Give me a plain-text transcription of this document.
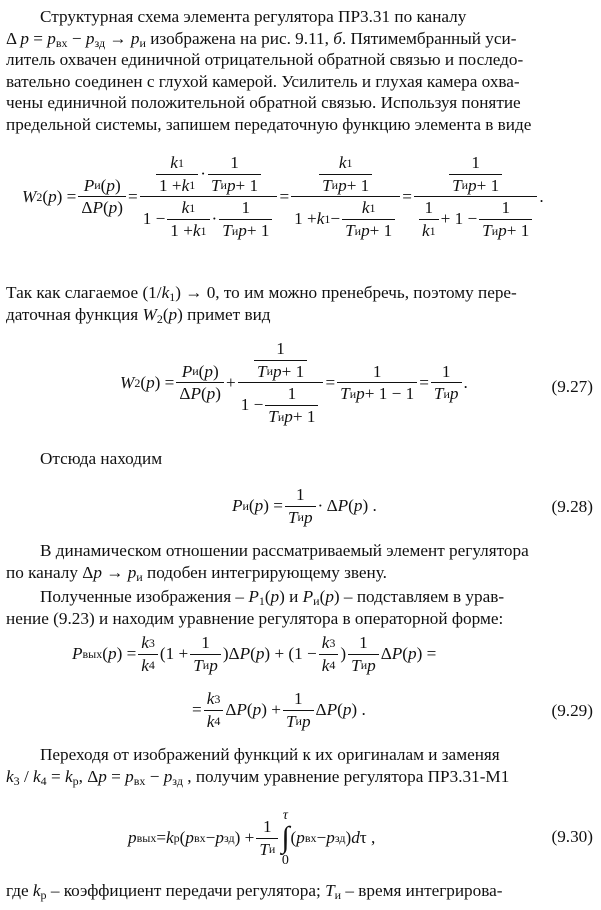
Структурная схема элемента регулятора ПР3.31 по каналу
Δ $p = p_{вх} - p_{зд} \to p_и$ изображена на рис. 9.11, б. Пятимембранный уси-
литель охвачен единичной отрицательной обратной связью и последо-
вательно соединен с глухой камерой. Усилитель и глухая камера охва-
чены единичной положительной обратной связью. Используя понятие
предельной системы, запишем передаточную функцию элемента в виде
W 2 ( p ) =
P и ( p )
Δ P ( p )
=
k 1
1 + k 1
·
1
T и p + 1
1 −
k 1
1 + k 1
·
1
T и p + 1
=
k 1
T и p + 1
1 + k 1 −
k 1
T и p + 1
=
1
T и p + 1
1
k 1
+ 1 −
1
T и p + 1
.
Так как слагаемое $(1/k_1) \to 0$, то им можно пренебречь, поэтому пере-
даточная функция $W_2(p)$ примет вид
W 2 ( p ) =
P и ( p )
Δ P ( p )
+
1
T и p + 1
1 −
1
T и p + 1
=
1
T и p + 1 − 1
=
1
T и p
.	(9.27)
Отсюда находим
P и ( p ) =
1
T и p
· Δ P ( p ) .	(9.28)
В динамическом отношении рассматриваемый элемент регулятора
по каналу $\Delta p \to p_и$ подобен интегрирующему звену.
Полученные изображения – $P_1(p)$ и $P_и(p)$ – подставляем в урав-
нение (9.23) и находим уравнение регулятора в операторной форме:
P вых ( p ) =
k 3
k 4
(1 +
1
T и p
)Δ P ( p ) + (1 −
k 3
k 4
)
1
T и p
Δ P ( p ) =
=
k 3
k 4
Δ P ( p ) +
1
T и p
Δ P ( p ) .	(9.29)
Переходя от изображений функций к их оригиналам и заменяя
$k_3 / k_4 = k_р$, $\Delta p = p_{вх} - p_{зд}$ , получим уравнение регулятора ПР3.31-М1
p вых = k р ( p вх − p зд ) +
1
T и
τ
∫
0
( p вх − p зд ) d τ ,	(9.30)
где $k_р$ – коэффициент передачи регулятора; $T_и$ – время интегрирова-
